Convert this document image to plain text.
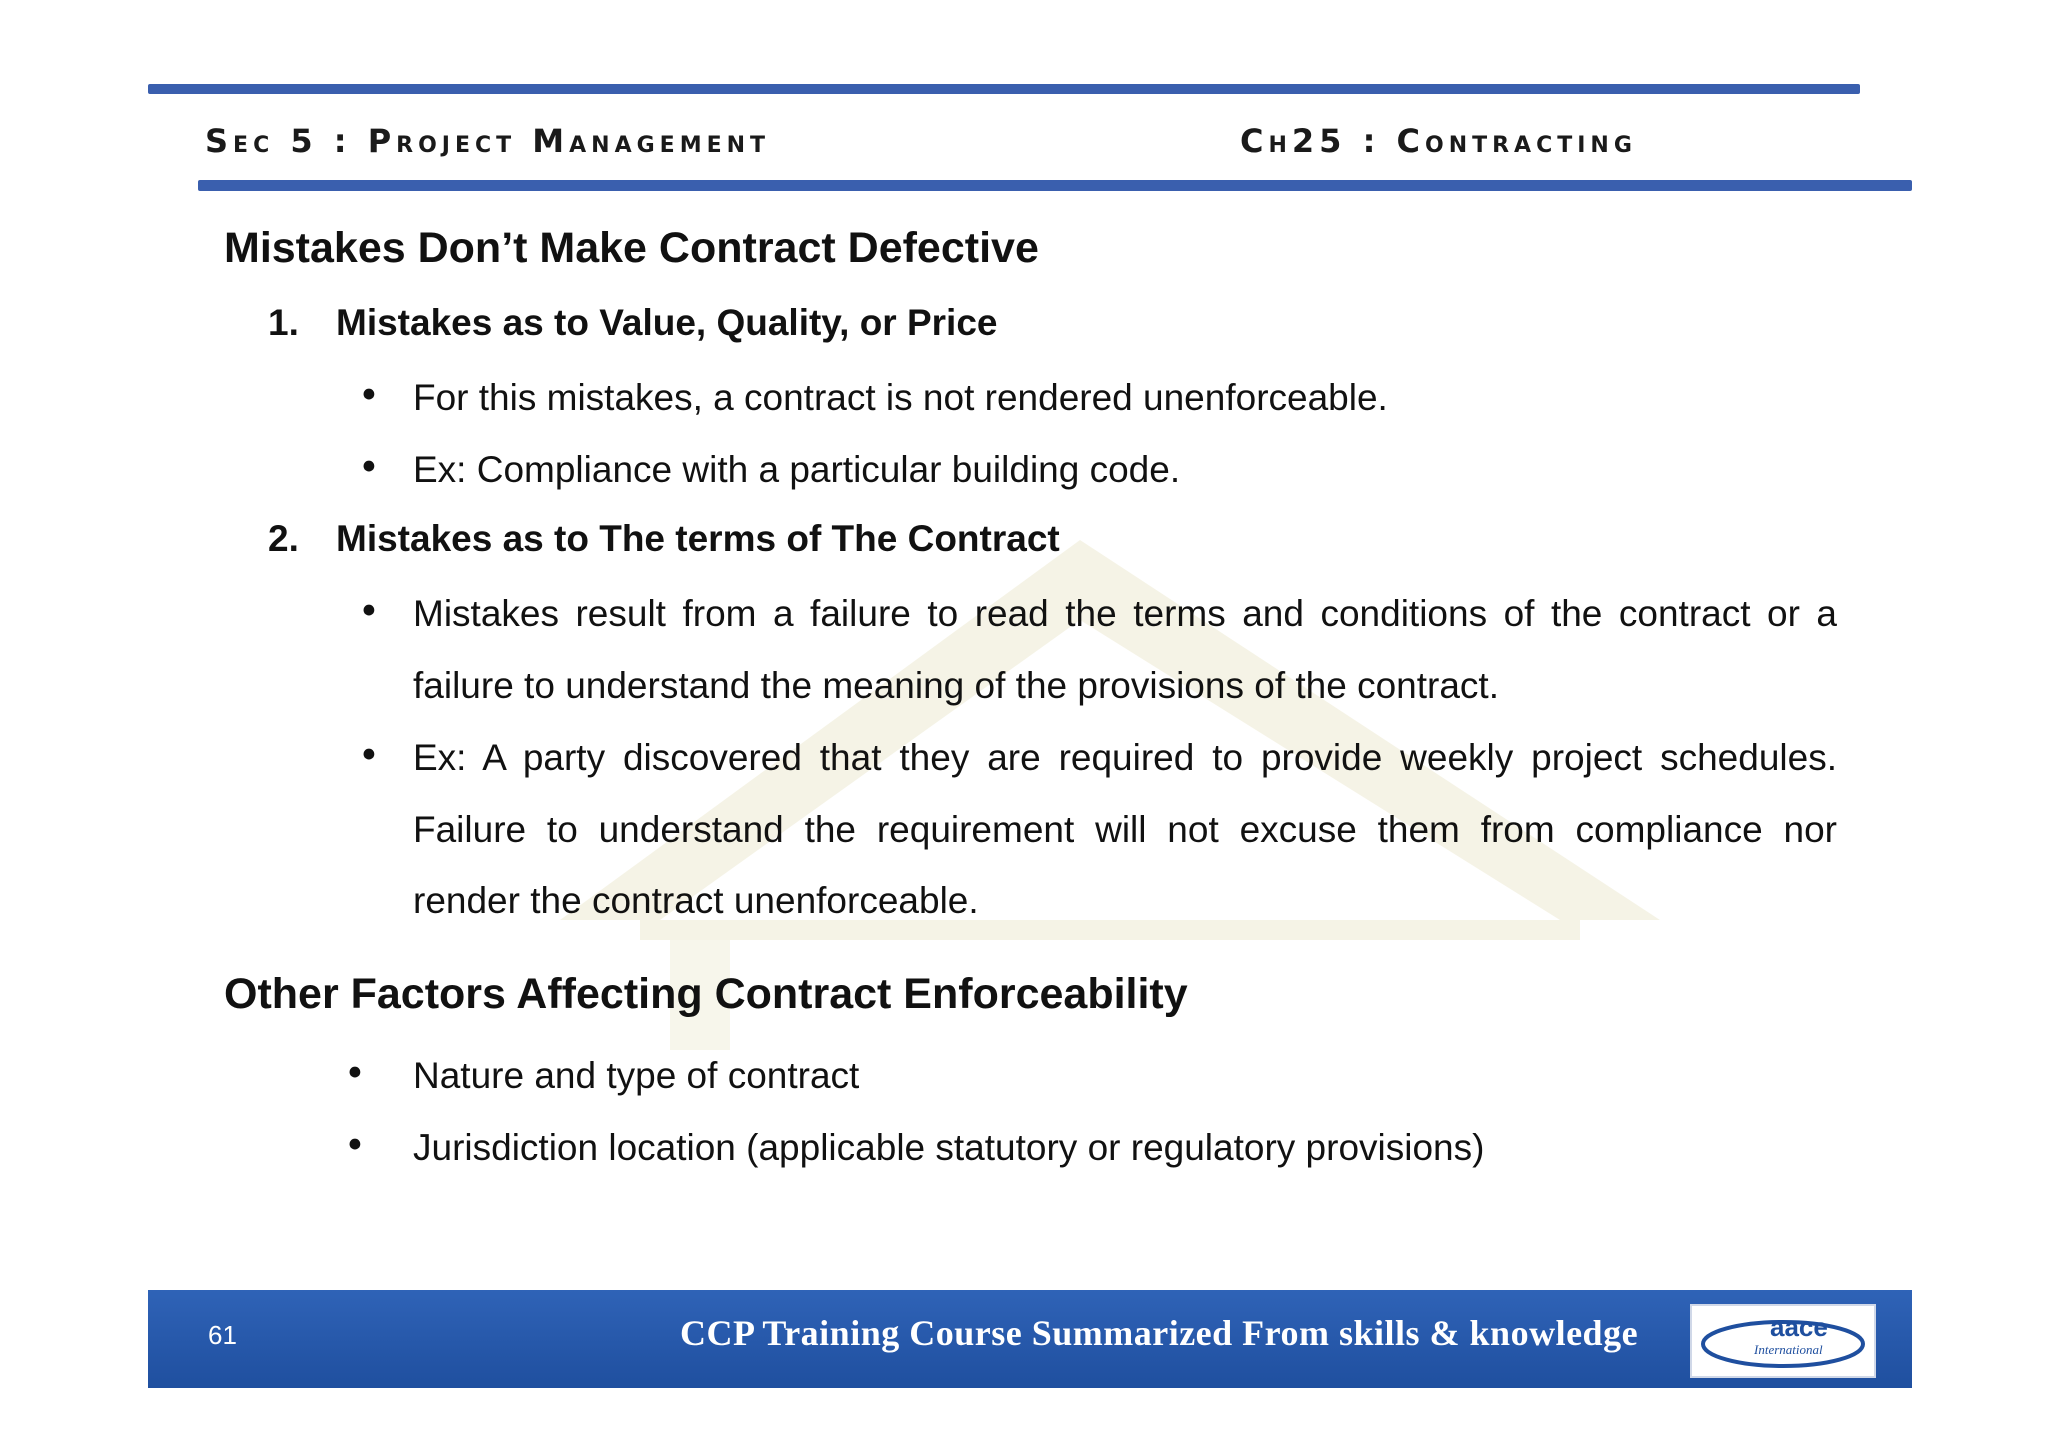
Sec 5 : Project Management	Ch25 : Contracting
Mistakes Don’t Make Contract Defective
1. Mistakes as to Value, Quality, or Price
• For this mistakes, a contract is not rendered unenforceable.
• Ex: Compliance with a particular building code.
2. Mistakes as to The terms of The Contract
• Mistakes result from a failure to read the terms and conditions of the contract or a failure to understand the meaning of the provisions of the contract.
• Ex: A party discovered that they are required to provide weekly project schedules. Failure to understand the requirement will not excuse them from compliance nor render the contract unenforceable.
Other Factors Affecting Contract Enforceability
• Nature and type of contract
• Jurisdiction location (applicable statutory or regulatory provisions)
61	CCP Training Course Summarized From skills & knowledge	aace
International
